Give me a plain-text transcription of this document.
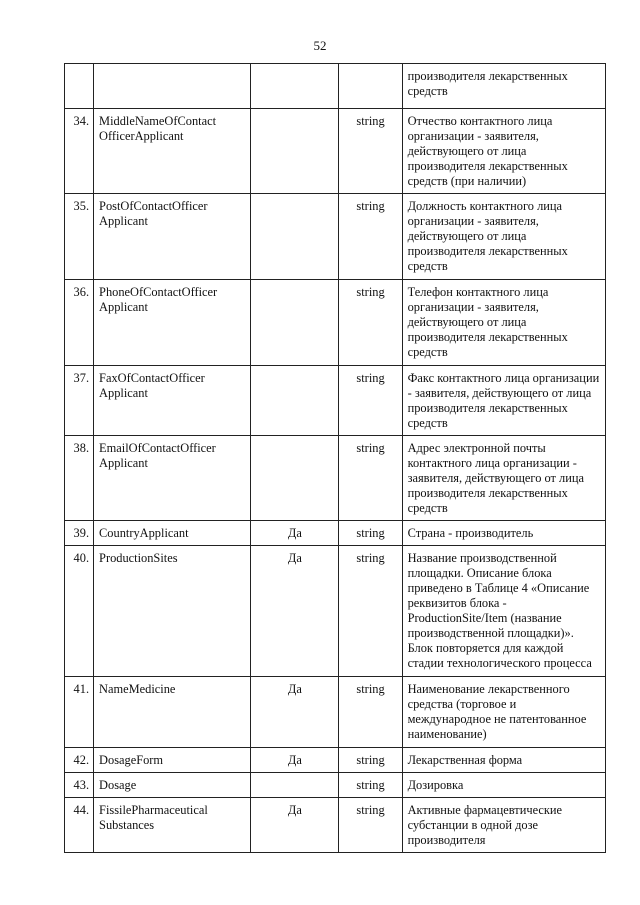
52
				производителя лекарственных средств
34.	MiddleNameOfContact OfficerApplicant		string	Отчество контактного лица организации - заявителя, действующего от лица производителя лекарственных средств (при наличии)
35.	PostOfContactOfficer Applicant		string	Должность контактного лица организации - заявителя, действующего от лица производителя лекарственных средств
36.	PhoneOfContactOfficer Applicant		string	Телефон контактного лица организации - заявителя, действующего от лица производителя лекарственных средств
37.	FaxOfContactOfficer Applicant		string	Факс контактного лица организации - заявителя, действующего от лица производителя лекарственных средств
38.	EmailOfContactOfficer Applicant		string	Адрес электронной почты контактного лица организации - заявителя, действующего от лица производителя лекарственных средств
39.	CountryApplicant	Да	string	Страна - производитель
40.	ProductionSites	Да	string	Название производственной площадки. Описание блока приведено в Таблице 4 «Описание реквизитов блока - ProductionSite/Item (название производственной площадки)». Блок повторяется для каждой стадии технологического процесса
41.	NameMedicine	Да	string	Наименование лекарственного средства (торговое и международное не патентованное наименование)
42.	DosageForm	Да	string	Лекарственная форма
43.	Dosage		string	Дозировка
44.	FissilePharmaceutical Substances	Да	string	Активные фармацевтические субстанции в одной дозе производителя
